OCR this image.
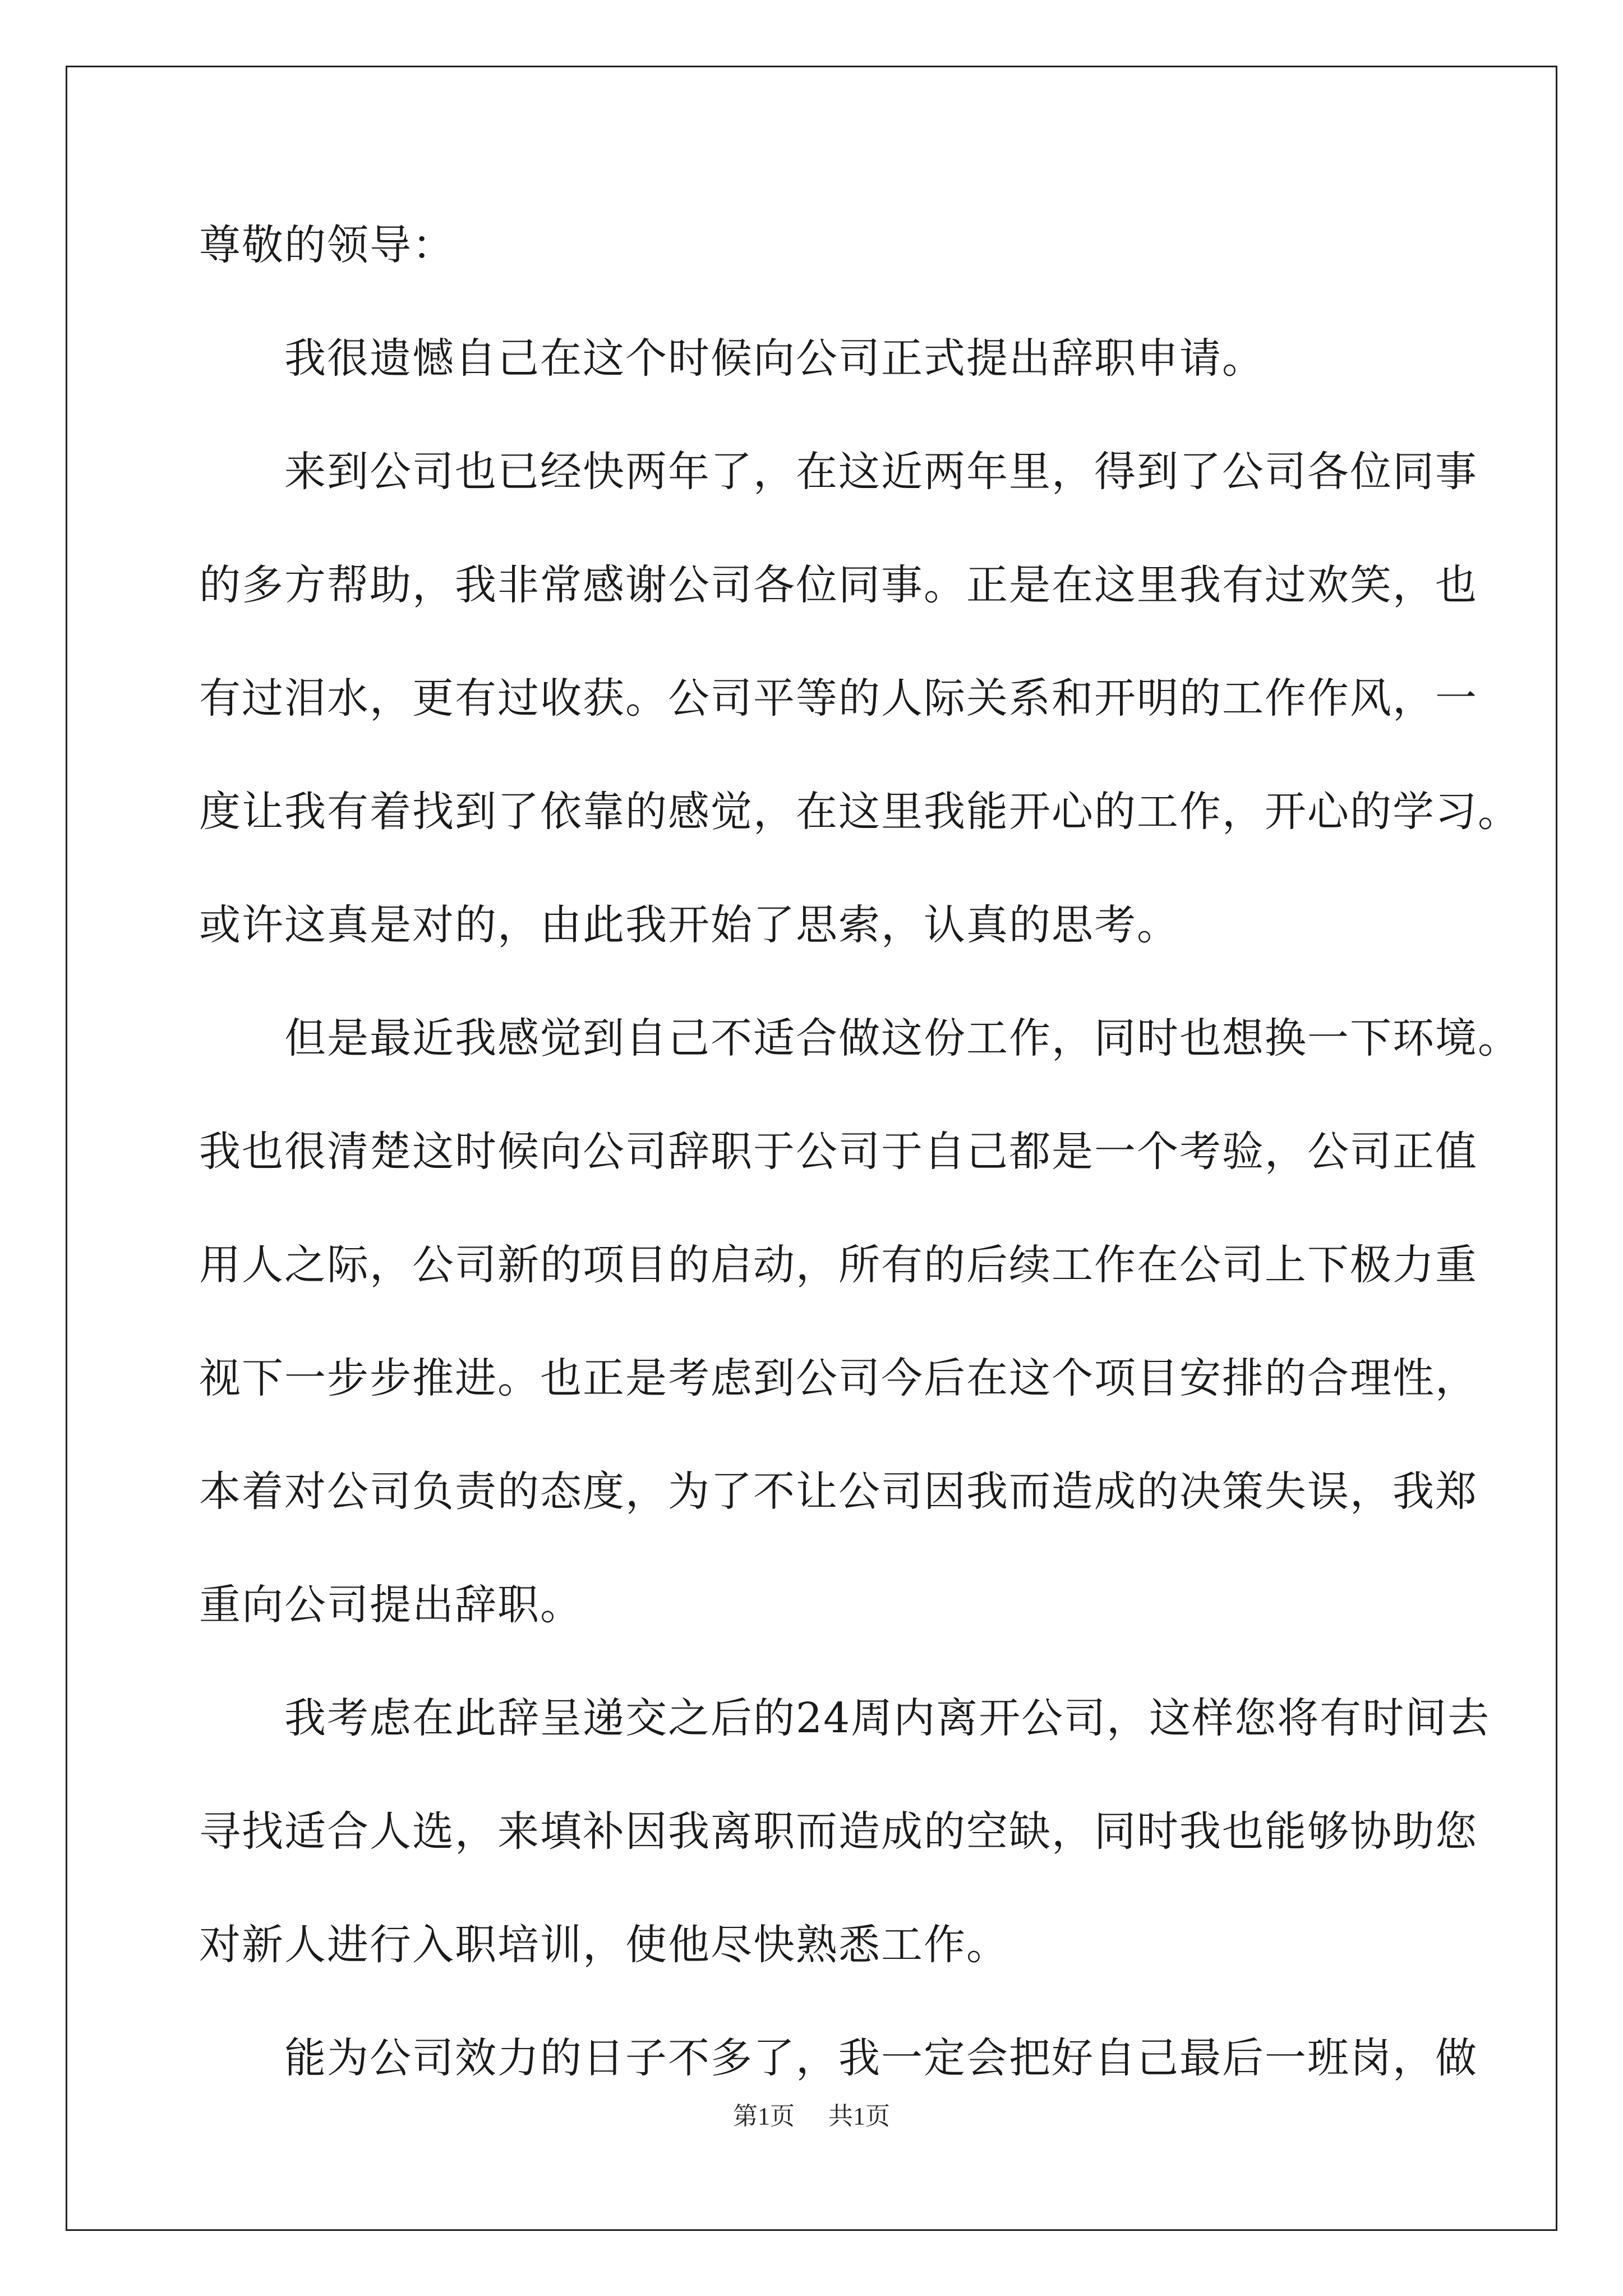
尊敬的领导：
　　我很遗憾自己在这个时候向公司正式提出辞职申请。
　　来到公司也已经快两年了，在这近两年里，得到了公司各位同事
的多方帮助，我非常感谢公司各位同事。正是在这里我有过欢笑，也
有过泪水，更有过收获。公司平等的人际关系和开明的工作作风，一
度让我有着找到了依靠的感觉，在这里我能开心的工作，开心的学习。
或许这真是对的，由此我开始了思索，认真的思考。
　　但是最近我感觉到自己不适合做这份工作，同时也想换一下环境。
我也很清楚这时候向公司辞职于公司于自己都是一个考验，公司正值
用人之际，公司新的项目的启动，所有的后续工作在公司上下极力重
视下一步步推进。也正是考虑到公司今后在这个项目安排的合理性，
本着对公司负责的态度，为了不让公司因我而造成的决策失误，我郑
重向公司提出辞职。
　　我考虑在此辞呈递交之后的24周内离开公司，这样您将有时间去
寻找适合人选，来填补因我离职而造成的空缺，同时我也能够协助您
对新人进行入职培训，使他尽快熟悉工作。
　　能为公司效力的日子不多了，我一定会把好自己最后一班岗，做
第1页 共1页
